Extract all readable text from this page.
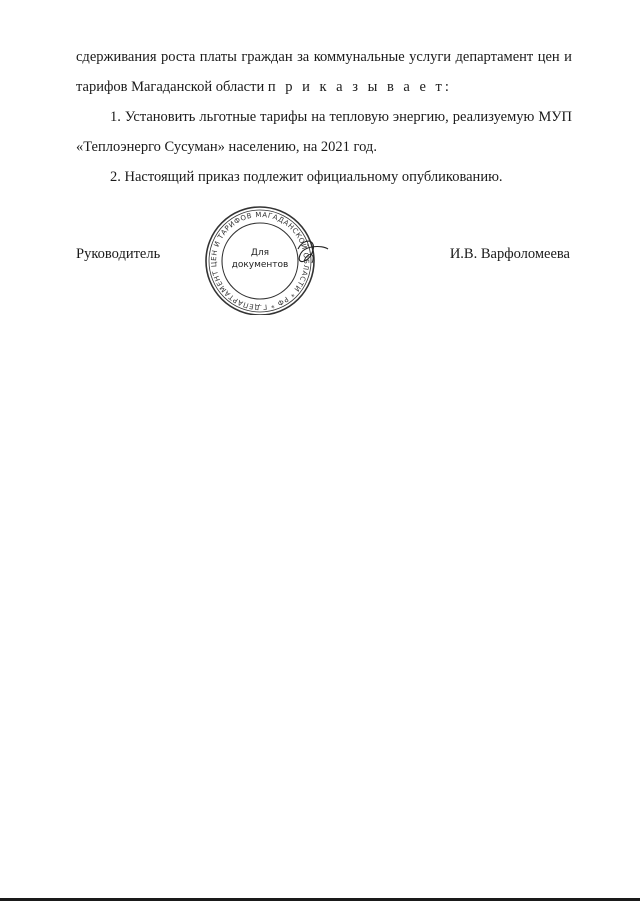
сдерживания роста платы граждан за коммунальные услуги департамент цен и
тарифов Магаданской области п р и к а з ы в а е т:
1. Установить льготные тарифы на тепловую энергию, реализуемую МУП
«Теплоэнерго Сусуман» населению, на 2021 год.
2. Настоящий приказ подлежит официальному опубликованию.
Руководитель	И.В. Варфоломеева
ДЕПАРТАМЕНТ ЦЕН И ТАРИФОВ МАГАДАНСКОЙ ОБЛАСТИ * РФ * Г.
Для
документов
